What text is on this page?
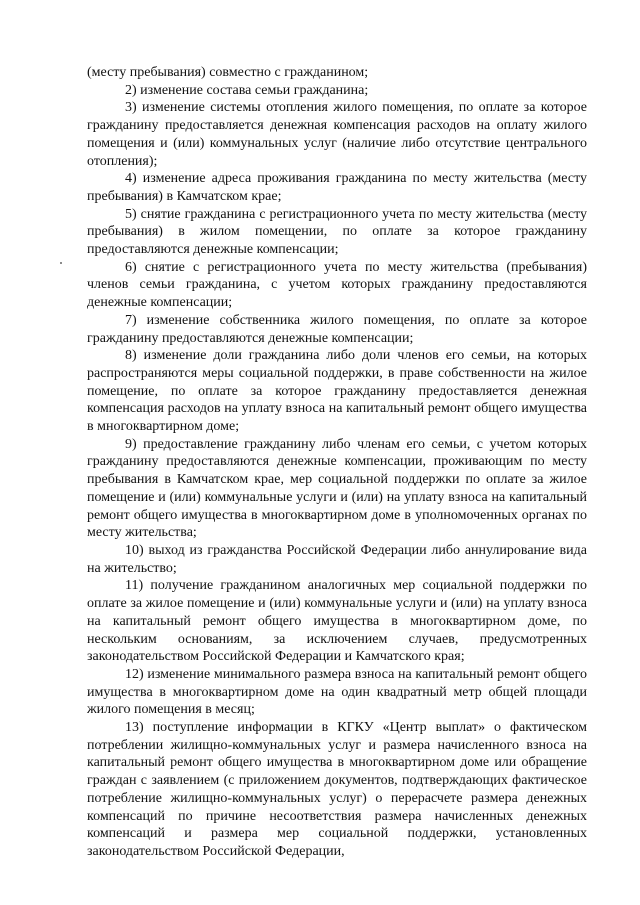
(месту пребывания) совместно с гражданином;

2) изменение состава семьи гражданина;

3) изменение системы отопления жилого помещения, по оплате за которое гражданину предоставляется денежная компенсация расходов на оплату жилого помещения и (или) коммунальных услуг (наличие либо отсутствие центрального отопления);

4) изменение адреса проживания гражданина по месту жительства (месту пребывания) в Камчатском крае;

5) снятие гражданина с регистрационного учета по месту жительства (месту пребывания) в жилом помещении, по оплате за которое гражданину предоставляются денежные компенсации;

6) снятие с регистрационного учета по месту жительства (пребывания) членов семьи гражданина, с учетом которых гражданину предоставляются денежные компенсации;

7) изменение собственника жилого помещения, по оплате за которое гражданину предоставляются денежные компенсации;

8) изменение доли гражданина либо доли членов его семьи, на которых распространяются меры социальной поддержки, в праве собственности на жилое помещение, по оплате за которое гражданину предоставляется денежная компенсация расходов на уплату взноса на капитальный ремонт общего имущества в многоквартирном доме;

9) предоставление гражданину либо членам его семьи, с учетом которых гражданину предоставляются денежные компенсации, проживающим по месту пребывания в Камчатском крае, мер социальной поддержки по оплате за жилое помещение и (или) коммунальные услуги и (или) на уплату взноса на капитальный ремонт общего имущества в многоквартирном доме в уполномоченных органах по месту жительства;

10) выход из гражданства Российской Федерации либо аннулирование вида на жительство;

11) получение гражданином аналогичных мер социальной поддержки по оплате за жилое помещение и (или) коммунальные услуги и (или) на уплату взноса на капитальный ремонт общего имущества в многоквартирном доме, по нескольким основаниям, за исключением случаев, предусмотренных законодательством Российской Федерации и Камчатского края;

12) изменение минимального размера взноса на капитальный ремонт общего имущества в многоквартирном доме на один квадратный метр общей площади жилого помещения в месяц;

13) поступление информации в КГКУ «Центр выплат» о фактическом потреблении жилищно-коммунальных услуг и размера начисленного взноса на капитальный ремонт общего имущества в многоквартирном доме или обращение граждан с заявлением (с приложением документов, подтверждающих фактическое потребление жилищно-коммунальных услуг) о перерасчете размера денежных компенсаций по причине несоответствия размера начисленных денежных компенсаций и размера мер социальной поддержки, установленных законодательством Российской Федерации,
